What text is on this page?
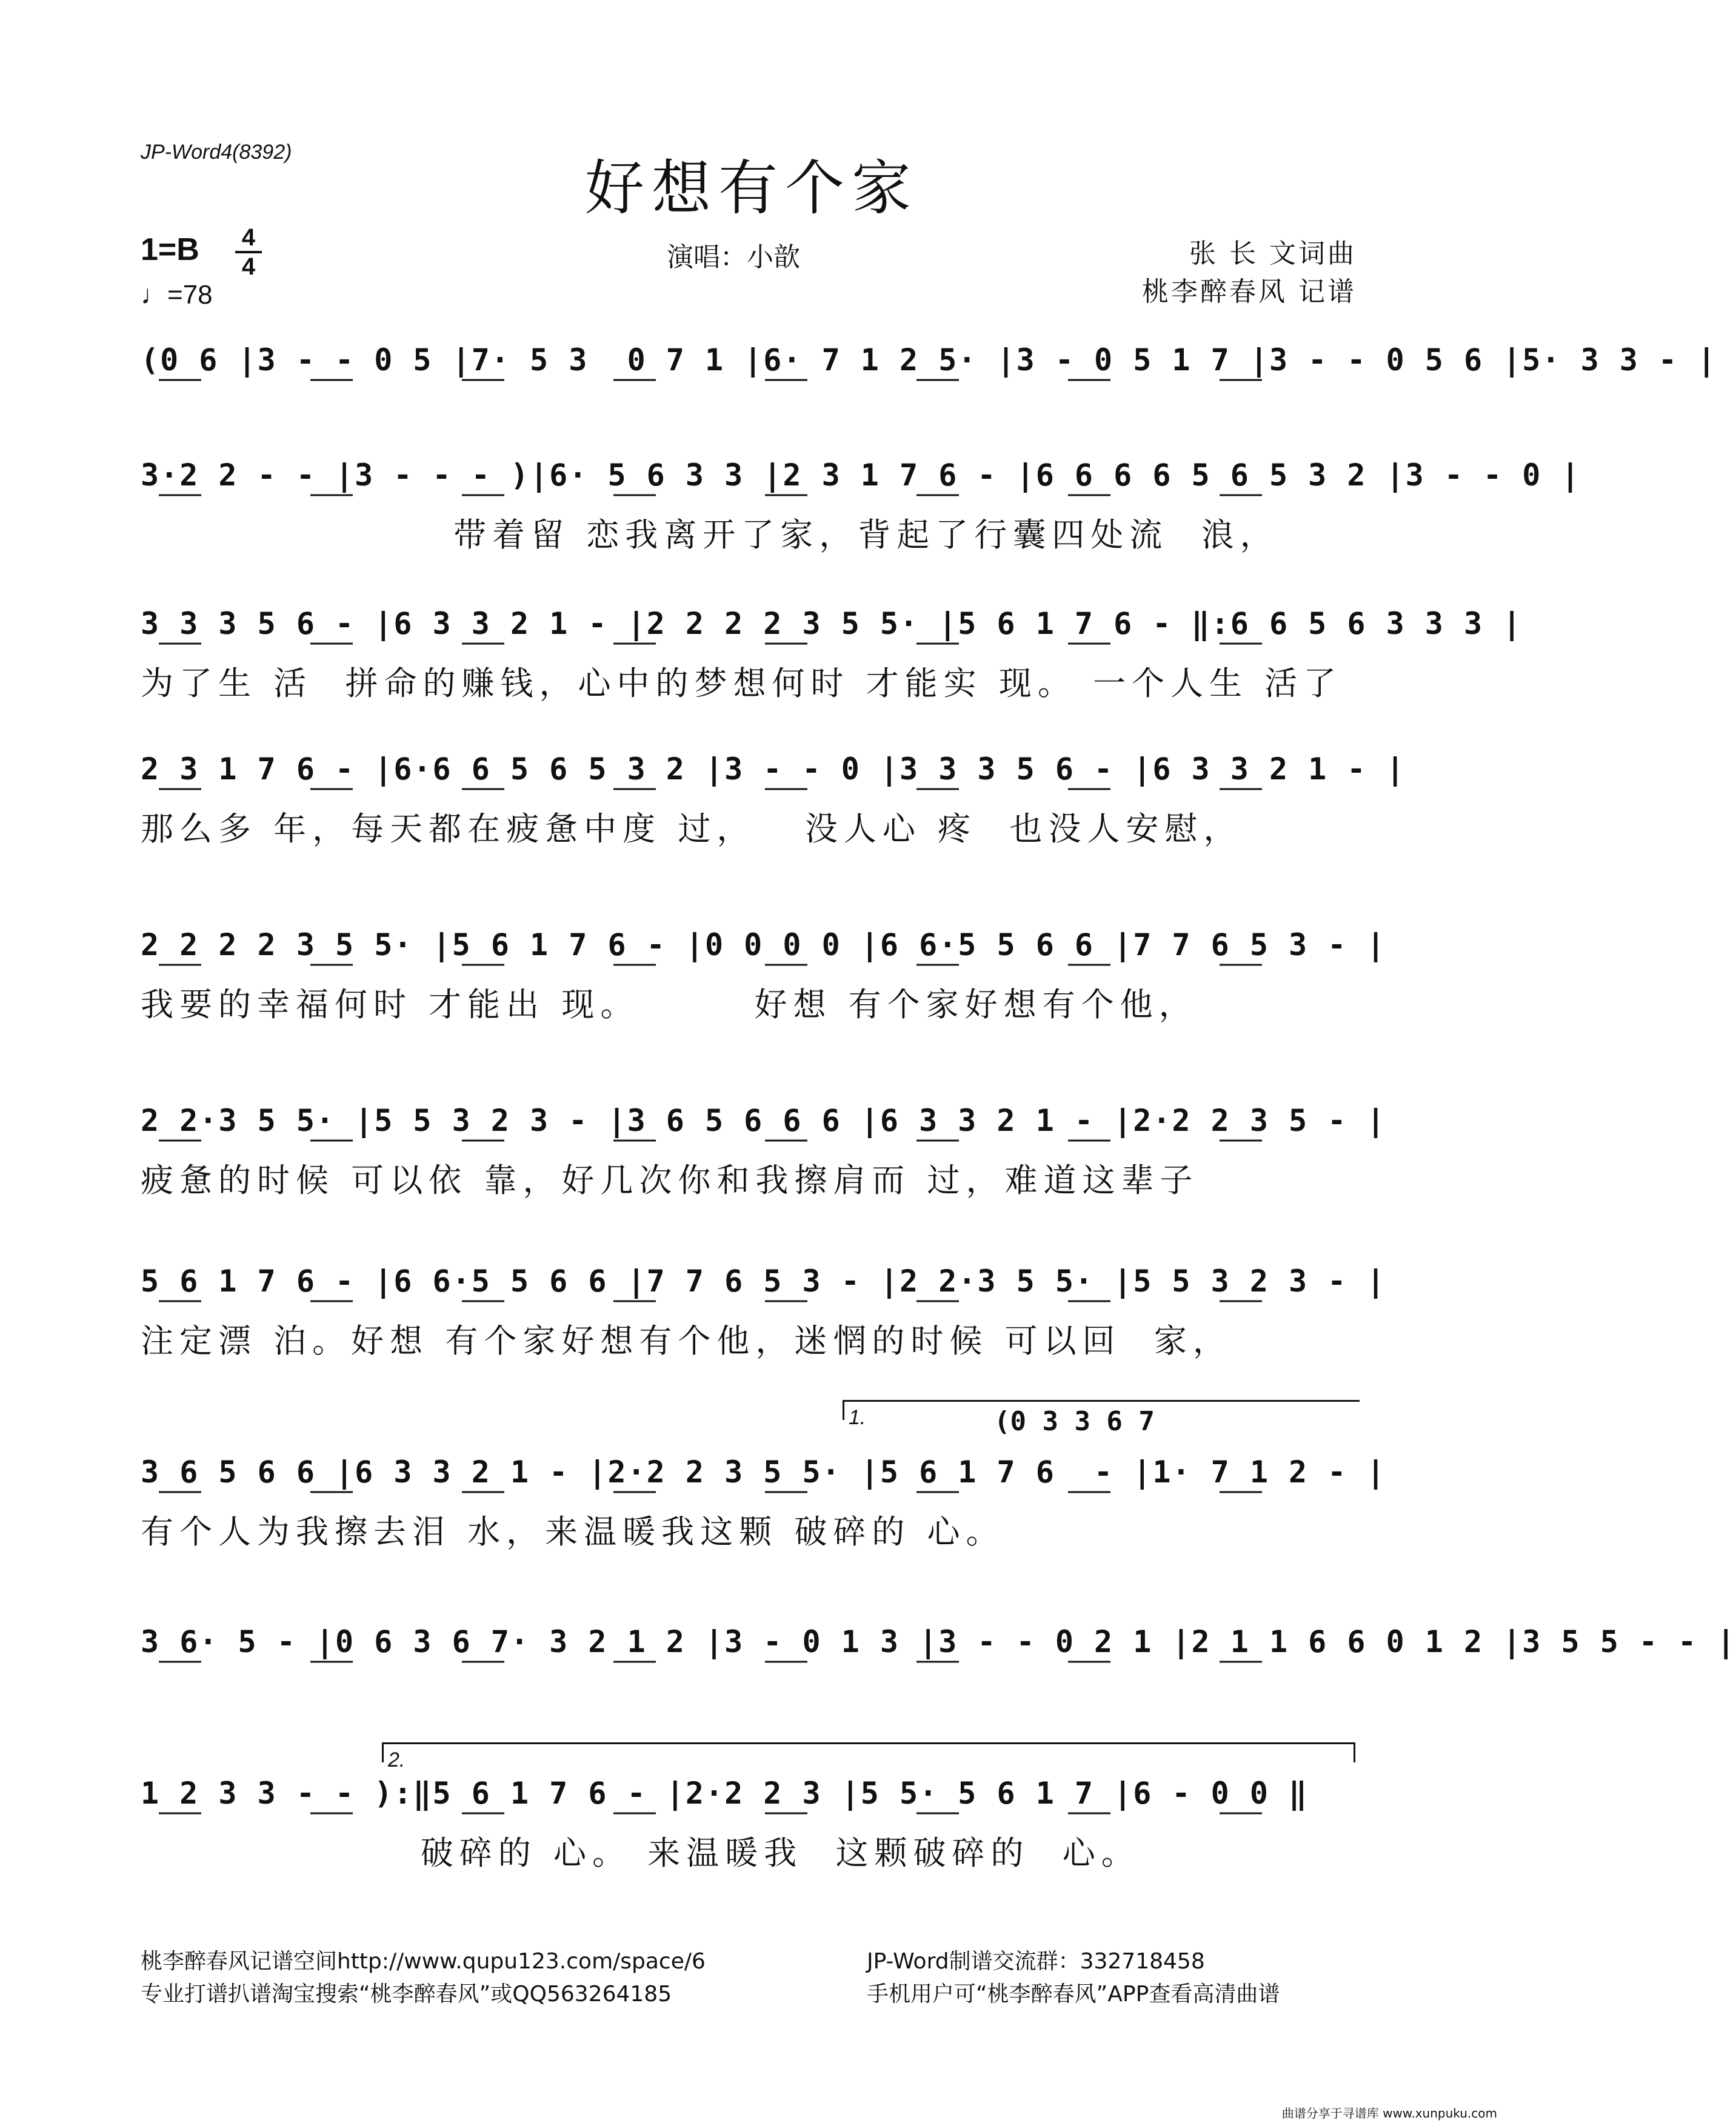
JP-Word4(8392)
好想有个家
1=B 4
4
♩=78
演唱：小歆	张 长 文词曲
桃李醉春风 记谱
(0 6 |3 - - 0 5 |7· 5 3  0 7 1 |6· 7 1 2 5· |3 - 0 5 1 7 |3 - - 0 5 6 |5· 3 3 - |
3·2 2 - - |3 - - - )|6· 5 6 3 3 |2 3 1 7 6 - |6 6 6 6 5 6 5 3 2 |3 - - 0 |
带着留 恋我离开了家，背起了行囊四处流  浪，
3 3 3 5 6 - |6 3 3 2 1 - |2 2 2 2 3 5 5· |5 6 1 7 6 - ‖:6 6 5 6 3 3 3 |
为了生 活  拼命的赚钱，心中的梦想何时 才能实 现。 一个人生 活了
2 3 1 7 6 - |6·6 6 5 6 5 3 2 |3 - - 0 |3 3 3 5 6 - |6 3 3 2 1 - |
那么多 年，每天都在疲惫中度 过，   没人心 疼  也没人安慰，
2 2 2 2 3 5 5· |5 6 1 7 6 - |0 0 0 0 |6 6·5 5 6 6 |7 7 6 5 3 - |
我要的幸福何时 才能出 现。       好想 有个家好想有个他，
2 2·3 5 5· |5 5 3 2 3 - |3 6 5 6 6 6 |6 3 3 2 1 - |2·2 2 3 5 - |
疲惫的时候 可以依 靠，好几次你和我擦肩而 过，难道这辈子
5 6 1 7 6 - |6 6·5 5 6 6 |7 7 6 5 3 - |2 2·3 5 5· |5 5 3 2 3 - |
注定漂 泊。好想 有个家好想有个他，迷惘的时候 可以回  家，
3 6 5 6 6 |6 3 3 2 1 - |2·2 2 3 5 5· |5 6 1 7 6  - |1· 7 1 2 - |
有个人为我擦去泪 水，来温暖我这颗 破碎的 心。
3 6· 5 - |0 6 3 6 7· 3 2 1 2 |3 - 0 1 3 |3 - - 0 2 1 |2 1 1 6 6 0 1 2 |3 5 5 - - |
1 2 3 3 - - ):‖5 6 1 7 6 - |2·2 2 3 |5 5· 5 6 1 7 |6 - 0 0 ‖
破碎的 心。 来温暖我  这颗破碎的  心。
1.	(0 3 3 6 7
2.
桃李醉春风记谱空间http://www.qupu123.com/space/6
专业打谱扒谱淘宝搜索“桃李醉春风”或QQ563264185
JP-Word制谱交流群：332718458
手机用户可“桃李醉春风”APP查看高清曲谱
曲谱分享于寻谱库 www.xunpuku.com
